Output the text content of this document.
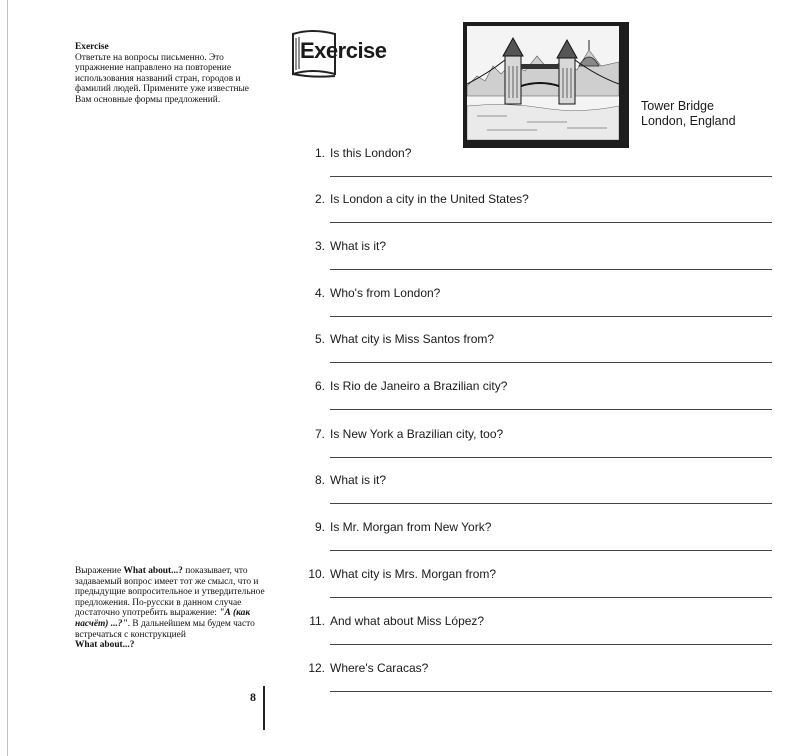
Exercise
Ответьте на вопросы письменно. Это упражнение направлено на повторение использования названий стран, городов и фамилий людей. Примените уже известные Вам основные формы предложений.
Выражение What about...? показывает, что задаваемый вопрос имеет тот же смысл, что и предыдущие вопросительное и утвердительное предложения. По-русски в данном случае достаточно употребить выражение: "А (как насчёт) ...?". В дальнейшем мы будем часто встречаться с конструкцией
What about...?
8
Exercise
Tower Bridge
London, England
1. Is this London?
2. Is London a city in the United States?
3. What is it?
4. Who's from London?
5. What city is Miss Santos from?
6. Is Rio de Janeiro a Brazilian city?
7. Is New York a Brazilian city, too?
8. What is it?
9. Is Mr. Morgan from New York?
10. What city is Mrs. Morgan from?
11. And what about Miss López?
12. Where's Caracas?
